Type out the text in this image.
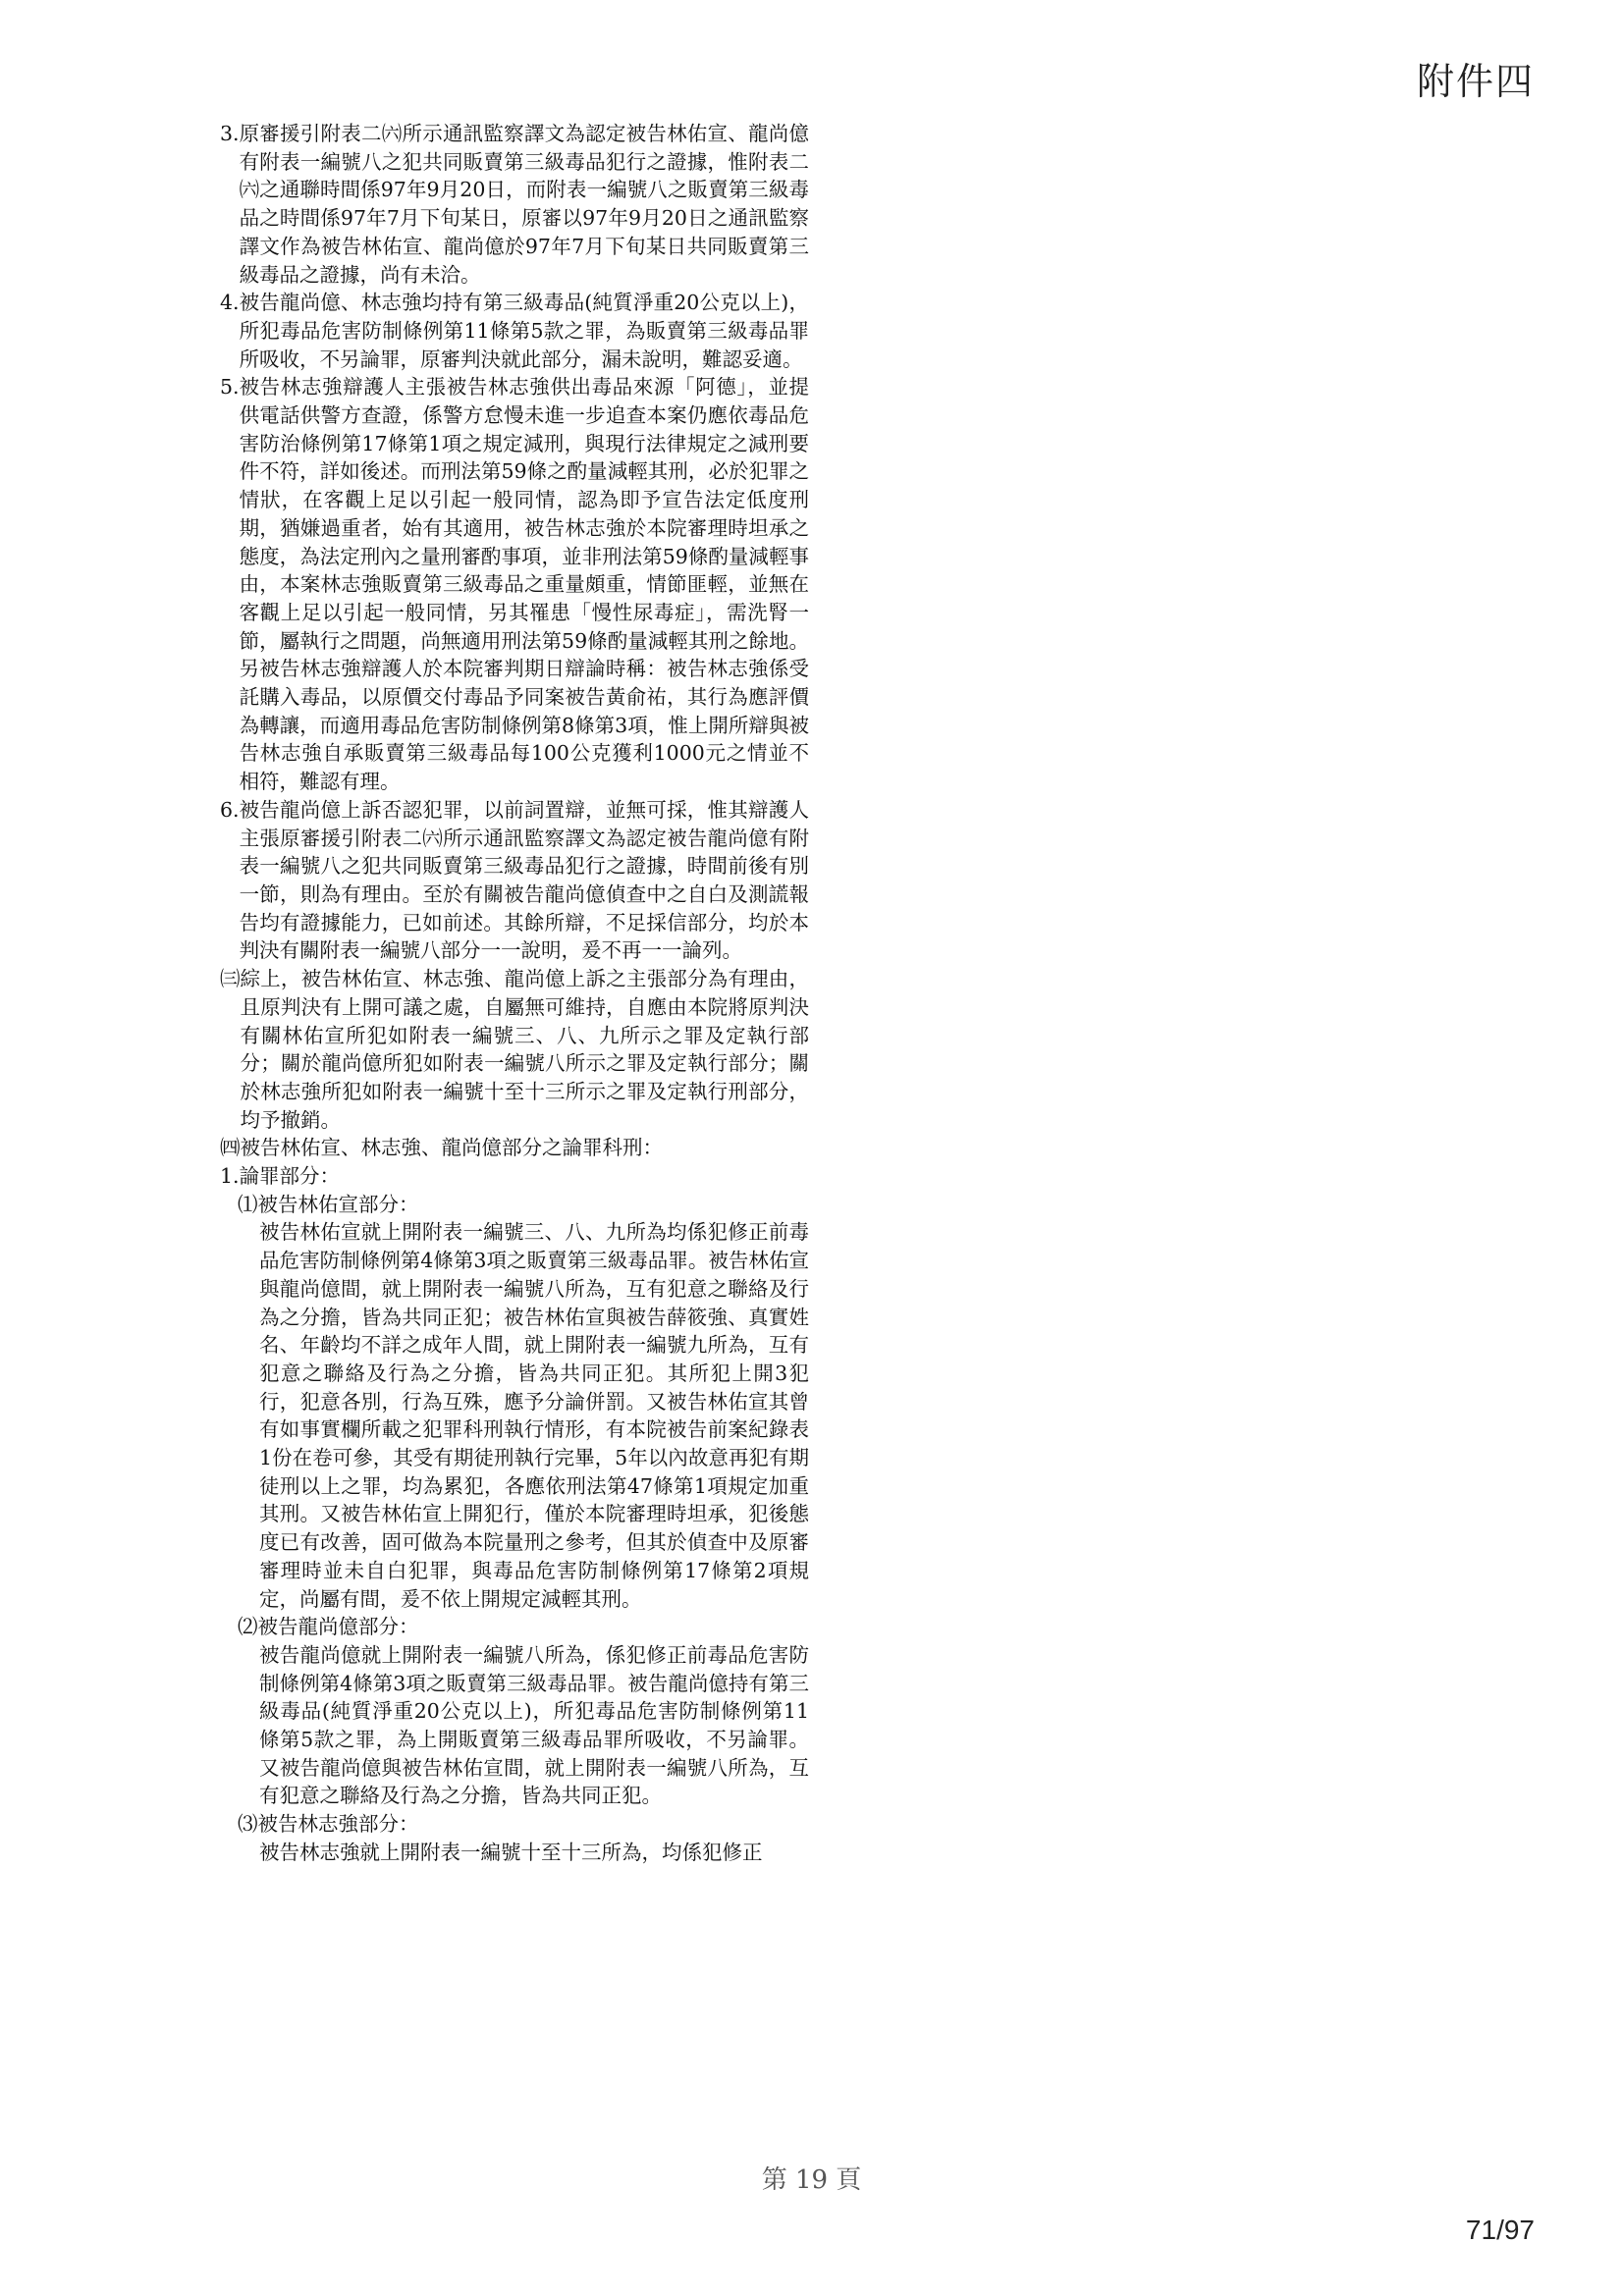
附件四
3. 原審援引附表二㈥所示通訊監察譯文為認定被告林佑宣、龍尚億有附表一編號八之犯共同販賣第三級毒品犯行之證據，惟附表二㈥之通聯時間係97年9月20日，而附表一編號八之販賣第三級毒品之時間係97年7月下旬某日，原審以97年9月20日之通訊監察譯文作為被告林佑宣、龍尚億於97年7月下旬某日共同販賣第三級毒品之證據，尚有未洽。
4. 被告龍尚億、林志強均持有第三級毒品(純質淨重20公克以上)，所犯毒品危害防制條例第11條第5款之罪，為販賣第三級毒品罪所吸收，不另論罪，原審判決就此部分，漏未說明，難認妥適。
5. 被告林志強辯護人主張被告林志強供出毒品來源「阿德」，並提供電話供警方查證，係警方怠慢未進一步追查本案仍應依毒品危害防治條例第17條第1項之規定減刑，與現行法律規定之減刑要件不符，詳如後述。而刑法第59條之酌量減輕其刑，必於犯罪之情狀，在客觀上足以引起一般同情，認為即予宣告法定低度刑期，猶嫌過重者，始有其適用，被告林志強於本院審理時坦承之態度，為法定刑內之量刑審酌事項，並非刑法第59條酌量減輕事由，本案林志強販賣第三級毒品之重量頗重，情節匪輕，並無在客觀上足以引起一般同情，另其罹患「慢性尿毒症」，需洗腎一節，屬執行之問題，尚無適用刑法第59條酌量減輕其刑之餘地。另被告林志強辯護人於本院審判期日辯論時稱：被告林志強係受託購入毒品，以原價交付毒品予同案被告黃俞祐，其行為應評價為轉讓，而適用毒品危害防制條例第8條第3項，惟上開所辯與被告林志強自承販賣第三級毒品每100公克獲利1000元之情並不相符，難認有理。
6. 被告龍尚億上訴否認犯罪，以前詞置辯，並無可採，惟其辯護人主張原審援引附表二㈥所示通訊監察譯文為認定被告龍尚億有附表一編號八之犯共同販賣第三級毒品犯行之證據，時間前後有別一節，則為有理由。至於有關被告龍尚億偵查中之自白及測謊報告均有證據能力，已如前述。其餘所辯，不足採信部分，均於本判決有關附表一編號八部分一一說明，爰不再一一論列。
㈢ 綜上，被告林佑宣、林志強、龍尚億上訴之主張部分為有理由，且原判決有上開可議之處，自屬無可維持，自應由本院將原判決有關林佑宣所犯如附表一編號三、八、九所示之罪及定執行部分；關於龍尚億所犯如附表一編號八所示之罪及定執行部分；關於林志強所犯如附表一編號十至十三所示之罪及定執行刑部分，均予撤銷。
㈣ 被告林佑宣、林志強、龍尚億部分之論罪科刑：
1. 論罪部分：
⑴ 被告林佑宣部分：
被告林佑宣就上開附表一編號三、八、九所為均係犯修正前毒品危害防制條例第4條第3項之販賣第三級毒品罪。被告林佑宣與龍尚億間，就上開附表一編號八所為，互有犯意之聯絡及行為之分擔，皆為共同正犯；被告林佑宣與被告薛筱強、真實姓名、年齡均不詳之成年人間，就上開附表一編號九所為，互有犯意之聯絡及行為之分擔，皆為共同正犯。其所犯上開3犯行，犯意各別，行為互殊，應予分論併罰。又被告林佑宣其曾有如事實欄所載之犯罪科刑執行情形，有本院被告前案紀錄表1份在卷可參，其受有期徒刑執行完畢，5年以內故意再犯有期徒刑以上之罪，均為累犯，各應依刑法第47條第1項規定加重其刑。又被告林佑宣上開犯行，僅於本院審理時坦承，犯後態度已有改善，固可做為本院量刑之參考，但其於偵查中及原審審理時並未自白犯罪，與毒品危害防制條例第17條第2項規定，尚屬有間，爰不依上開規定減輕其刑。
⑵ 被告龍尚億部分：
被告龍尚億就上開附表一編號八所為，係犯修正前毒品危害防制條例第4條第3項之販賣第三級毒品罪。被告龍尚億持有第三級毒品(純質淨重20公克以上)，所犯毒品危害防制條例第11條第5款之罪，為上開販賣第三級毒品罪所吸收，不另論罪。又被告龍尚億與被告林佑宣間，就上開附表一編號八所為，互有犯意之聯絡及行為之分擔，皆為共同正犯。
⑶ 被告林志強部分：
被告林志強就上開附表一編號十至十三所為，均係犯修正
第 19 頁
71/97
